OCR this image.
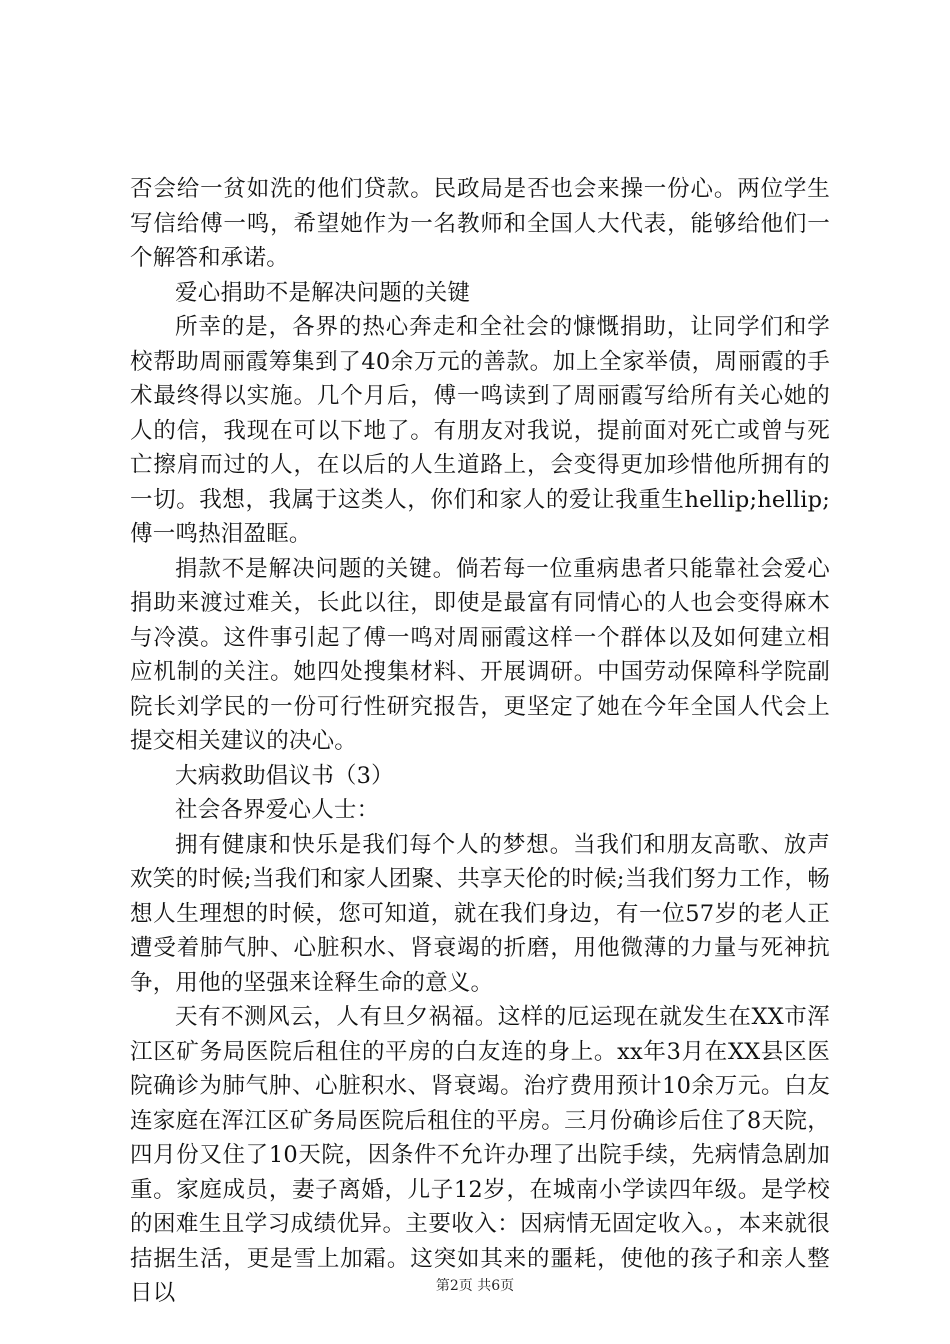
否会给一贫如洗的他们贷款。民政局是否也会来操一份心。两位学生写信给傅一鸣，希望她作为一名教师和全国人大代表，能够给他们一个解答和承诺。

爱心捐助不是解决问题的关键

所幸的是，各界的热心奔走和全社会的慷慨捐助，让同学们和学校帮助周丽霞筹集到了40余万元的善款。加上全家举债，周丽霞的手术最终得以实施。几个月后，傅一鸣读到了周丽霞写给所有关心她的人的信，我现在可以下地了。有朋友对我说，提前面对死亡或曾与死亡擦肩而过的人，在以后的人生道路上，会变得更加珍惜他所拥有的一切。我想，我属于这类人，你们和家人的爱让我重生hellip;hellip;傅一鸣热泪盈眶。

捐款不是解决问题的关键。倘若每一位重病患者只能靠社会爱心捐助来渡过难关，长此以往，即使是最富有同情心的人也会变得麻木与冷漠。这件事引起了傅一鸣对周丽霞这样一个群体以及如何建立相应机制的关注。她四处搜集材料、开展调研。中国劳动保障科学院副院长刘学民的一份可行性研究报告，更坚定了她在今年全国人代会上提交相关建议的决心。

大病救助倡议书（3）

社会各界爱心人士：

拥有健康和快乐是我们每个人的梦想。当我们和朋友高歌、放声欢笑的时候;当我们和家人团聚、共享天伦的时候;当我们努力工作，畅想人生理想的时候，您可知道，就在我们身边，有一位57岁的老人正遭受着肺气肿、心脏积水、肾衰竭的折磨，用他微薄的力量与死神抗争，用他的坚强来诠释生命的意义。

天有不测风云，人有旦夕祸福。这样的厄运现在就发生在XX市浑江区矿务局医院后租住的平房的白友连的身上。xx年3月在XX县区医院确诊为肺气肿、心脏积水、肾衰竭。治疗费用预计10余万元。白友连家庭在浑江区矿务局医院后租住的平房。三月份确诊后住了8天院，四月份又住了10天院，因条件不允许办理了出院手续，先病情急剧加重。家庭成员，妻子离婚，儿子12岁，在城南小学读四年级。是学校的困难生且学习成绩优异。主要收入：因病情无固定收入。，本来就很拮据生活，更是雪上加霜。这突如其来的噩耗，使他的孩子和亲人整日以	第2页 共6页
